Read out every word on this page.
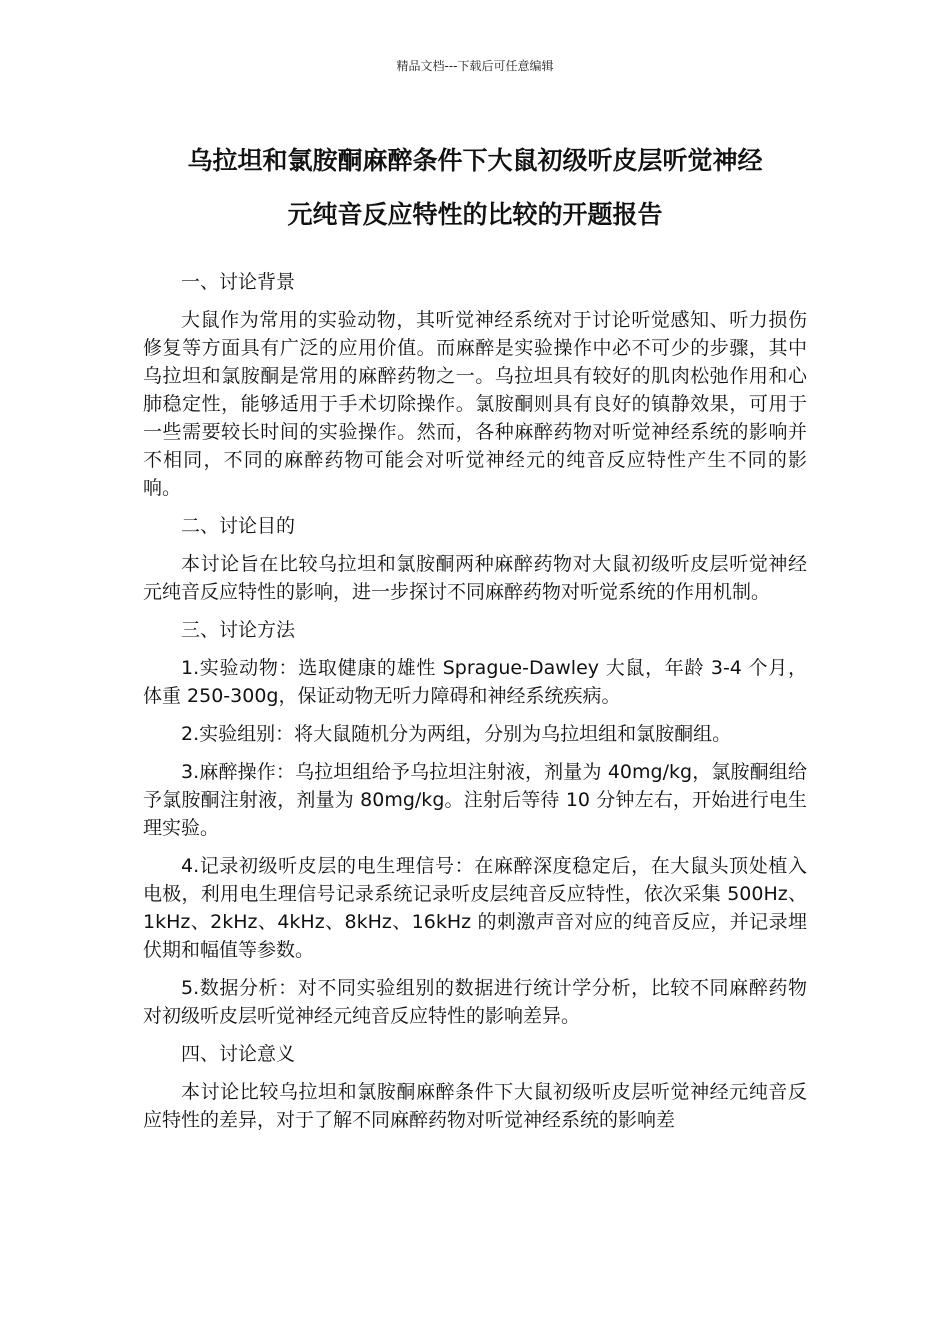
精品文档---下载后可任意编辑
乌拉坦和氯胺酮麻醉条件下大鼠初级听皮层听觉神经
元纯音反应特性的比较的开题报告
一、讨论背景

大鼠作为常用的实验动物，其听觉神经系统对于讨论听觉感知、听力损伤修复等方面具有广泛的应用价值。而麻醉是实验操作中必不可少的步骤，其中乌拉坦和氯胺酮是常用的麻醉药物之一。乌拉坦具有较好的肌肉松弛作用和心肺稳定性，能够适用于手术切除操作。氯胺酮则具有良好的镇静效果，可用于一些需要较长时间的实验操作。然而，各种麻醉药物对听觉神经系统的影响并不相同，不同的麻醉药物可能会对听觉神经元的纯音反应特性产生不同的影响。

二、讨论目的

本讨论旨在比较乌拉坦和氯胺酮两种麻醉药物对大鼠初级听皮层听觉神经元纯音反应特性的影响，进一步探讨不同麻醉药物对听觉系统的作用机制。

三、讨论方法

1.实验动物：选取健康的雄性 Sprague-Dawley 大鼠，年龄 3-4 个月，体重 250-300g，保证动物无听力障碍和神经系统疾病。

2.实验组别：将大鼠随机分为两组，分别为乌拉坦组和氯胺酮组。

3.麻醉操作：乌拉坦组给予乌拉坦注射液，剂量为 40mg/kg，氯胺酮组给予氯胺酮注射液，剂量为 80mg/kg。注射后等待 10 分钟左右，开始进行电生理实验。

4.记录初级听皮层的电生理信号：在麻醉深度稳定后，在大鼠头顶处植入电极，利用电生理信号记录系统记录听皮层纯音反应特性，依次采集 500Hz、1kHz、2kHz、4kHz、8kHz、16kHz 的刺激声音对应的纯音反应，并记录埋伏期和幅值等参数。

5.数据分析：对不同实验组别的数据进行统计学分析，比较不同麻醉药物对初级听皮层听觉神经元纯音反应特性的影响差异。

四、讨论意义

本讨论比较乌拉坦和氯胺酮麻醉条件下大鼠初级听皮层听觉神经元纯音反应特性的差异，对于了解不同麻醉药物对听觉神经系统的影响差
